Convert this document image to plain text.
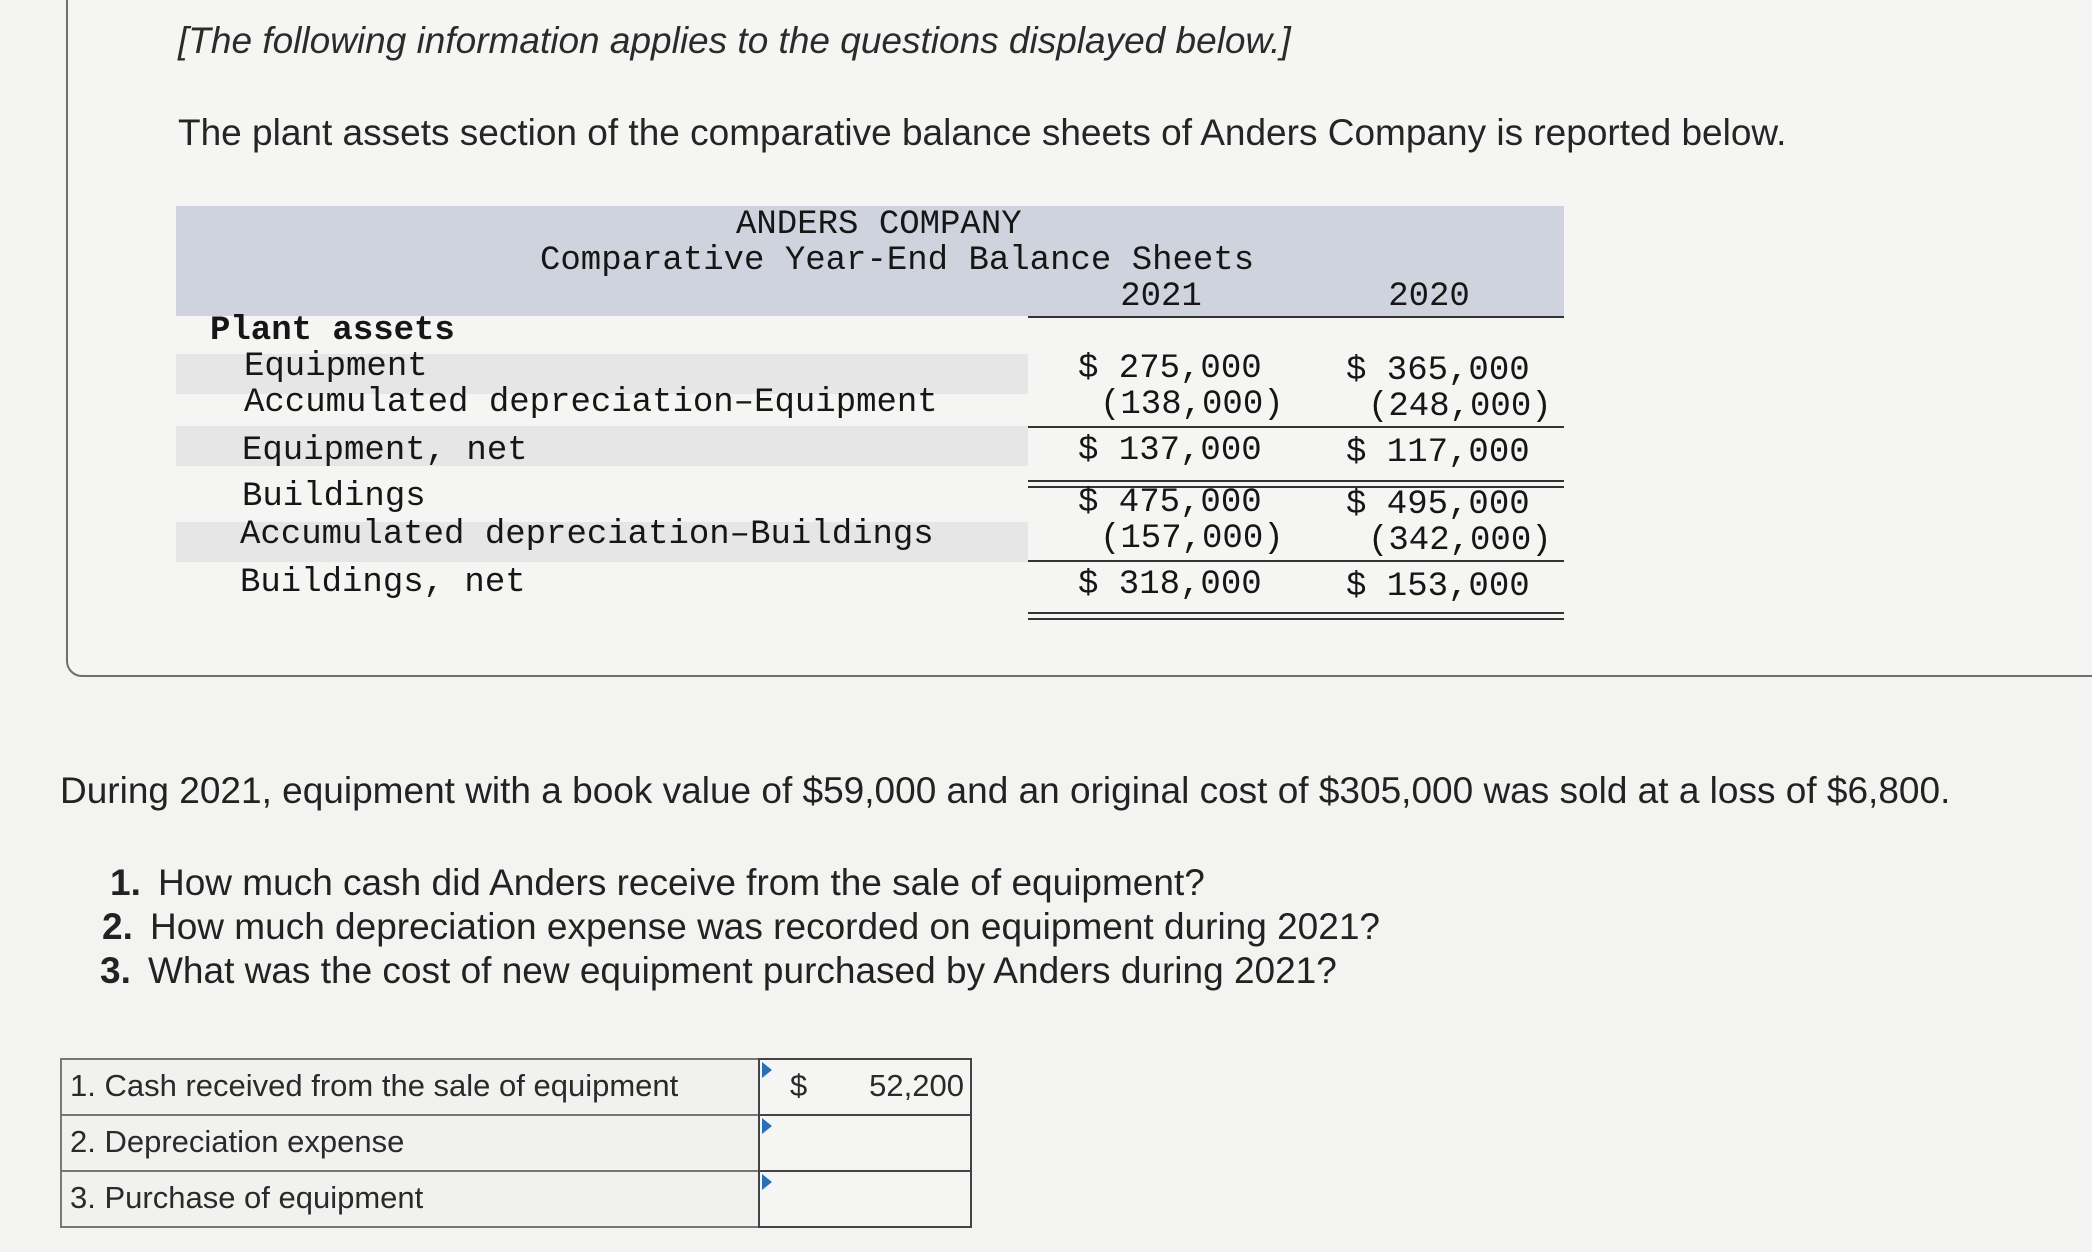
[The following information applies to the questions displayed below.]
The plant assets section of the comparative balance sheets of Anders Company is reported below.
ANDERS COMPANY
Comparative Year-End Balance Sheets
2021	2020
Plant assets
Equipment	$ 275,000 $ 365,000
Accumulated depreciation–Equipment	(138,000) (248,000)
Equipment, net	$ 137,000 $ 117,000
Buildings	$ 475,000 $ 495,000
Accumulated depreciation–Buildings	(157,000) (342,000)
Buildings, net	$ 318,000 $ 153,000
During 2021, equipment with a book value of $59,000 and an original cost of $305,000 was sold at a loss of $6,800.
1. How much cash did Anders receive from the sale of equipment?
2. How much depreciation expense was recorded on equipment during 2021?
3. What was the cost of new equipment purchased by Anders during 2021?
1. Cash received from the sale of equipment	$ 52,200
2. Depreciation expense
3. Purchase of equipment
